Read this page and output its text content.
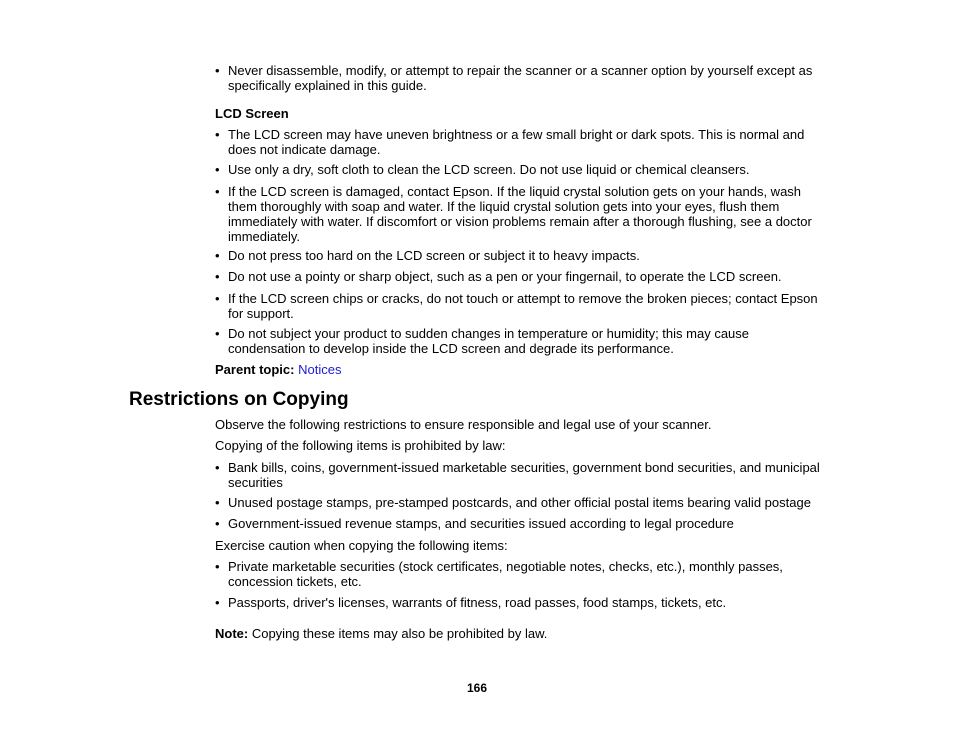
• Never disassemble, modify, or attempt to repair the scanner or a scanner option by yourself except as specifically explained in this guide.
LCD Screen
• The LCD screen may have uneven brightness or a few small bright or dark spots. This is normal and does not indicate damage.
• Use only a dry, soft cloth to clean the LCD screen. Do not use liquid or chemical cleansers.
• If the LCD screen is damaged, contact Epson. If the liquid crystal solution gets on your hands, wash them thoroughly with soap and water. If the liquid crystal solution gets into your eyes, flush them immediately with water. If discomfort or vision problems remain after a thorough flushing, see a doctor immediately.
• Do not press too hard on the LCD screen or subject it to heavy impacts.
• Do not use a pointy or sharp object, such as a pen or your fingernail, to operate the LCD screen.
• If the LCD screen chips or cracks, do not touch or attempt to remove the broken pieces; contact Epson for support.
• Do not subject your product to sudden changes in temperature or humidity; this may cause condensation to develop inside the LCD screen and degrade its performance.
Parent topic: Notices
Restrictions on Copying
Observe the following restrictions to ensure responsible and legal use of your scanner.
Copying of the following items is prohibited by law:
• Bank bills, coins, government-issued marketable securities, government bond securities, and municipal securities
• Unused postage stamps, pre-stamped postcards, and other official postal items bearing valid postage
• Government-issued revenue stamps, and securities issued according to legal procedure
Exercise caution when copying the following items:
• Private marketable securities (stock certificates, negotiable notes, checks, etc.), monthly passes, concession tickets, etc.
• Passports, driver's licenses, warrants of fitness, road passes, food stamps, tickets, etc.
Note: Copying these items may also be prohibited by law.
166
